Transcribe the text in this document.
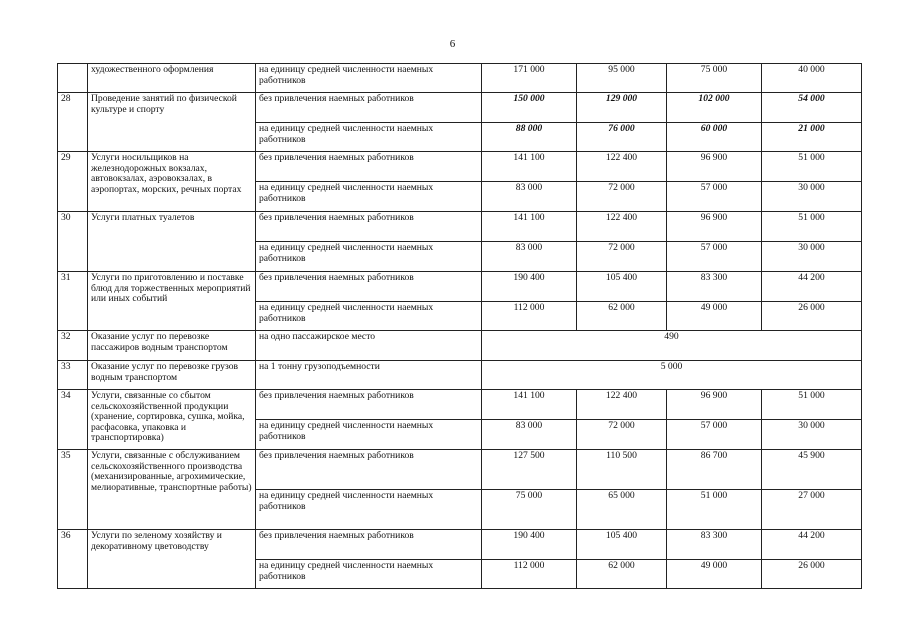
6
	художественного оформления	на единицу средней численности наемных работников	171 000	95 000	75 000	40 000
28	Проведение занятий по физической культуре и спорту	без привлечения наемных работников	150 000	129 000	102 000	54 000
		на единицу средней численности наемных работников	88 000	76 000	60 000	21 000
29	Услуги носильщиков на железнодорожных вокзалах, автовокзалах, аэровокзалах, в аэропортах, морских, речных портах	без привлечения наемных работников	141 100	122 400	96 900	51 000
		на единицу средней численности наемных работников	83 000	72 000	57 000	30 000
30	Услуги платных туалетов	без привлечения наемных работников	141 100	122 400	96 900	51 000
		на единицу средней численности наемных работников	83 000	72 000	57 000	30 000
31	Услуги по приготовлению и поставке блюд для торжественных мероприятий или иных событий	без привлечения наемных работников	190 400	105 400	83 300	44 200
		на единицу средней численности наемных работников	112 000	62 000	49 000	26 000
32	Оказание услуг по перевозке пассажиров водным транспортом	на одно пассажирское место	490			
33	Оказание услуг по перевозке грузов водным транспортом	на 1 тонну грузоподъемности	5 000			
34	Услуги, связанные со сбытом сельскохозяйственной продукции (хранение, сортировка, сушка, мойка, расфасовка, упаковка и транспортировка)	без привлечения наемных работников	141 100	122 400	96 900	51 000
		на единицу средней численности наемных работников	83 000	72 000	57 000	30 000
35	Услуги, связанные с обслуживанием сельскохозяйственного производства (механизированные, агрохимические, мелиоративные, транспортные работы)	без привлечения наемных работников	127 500	110 500	86 700	45 900
		на единицу средней численности наемных работников	75 000	65 000	51 000	27 000
36	Услуги по зеленому хозяйству и декоративному цветоводству	без привлечения наемных работников	190 400	105 400	83 300	44 200
		на единицу средней численности наемных работников	112 000	62 000	49 000	26 000
